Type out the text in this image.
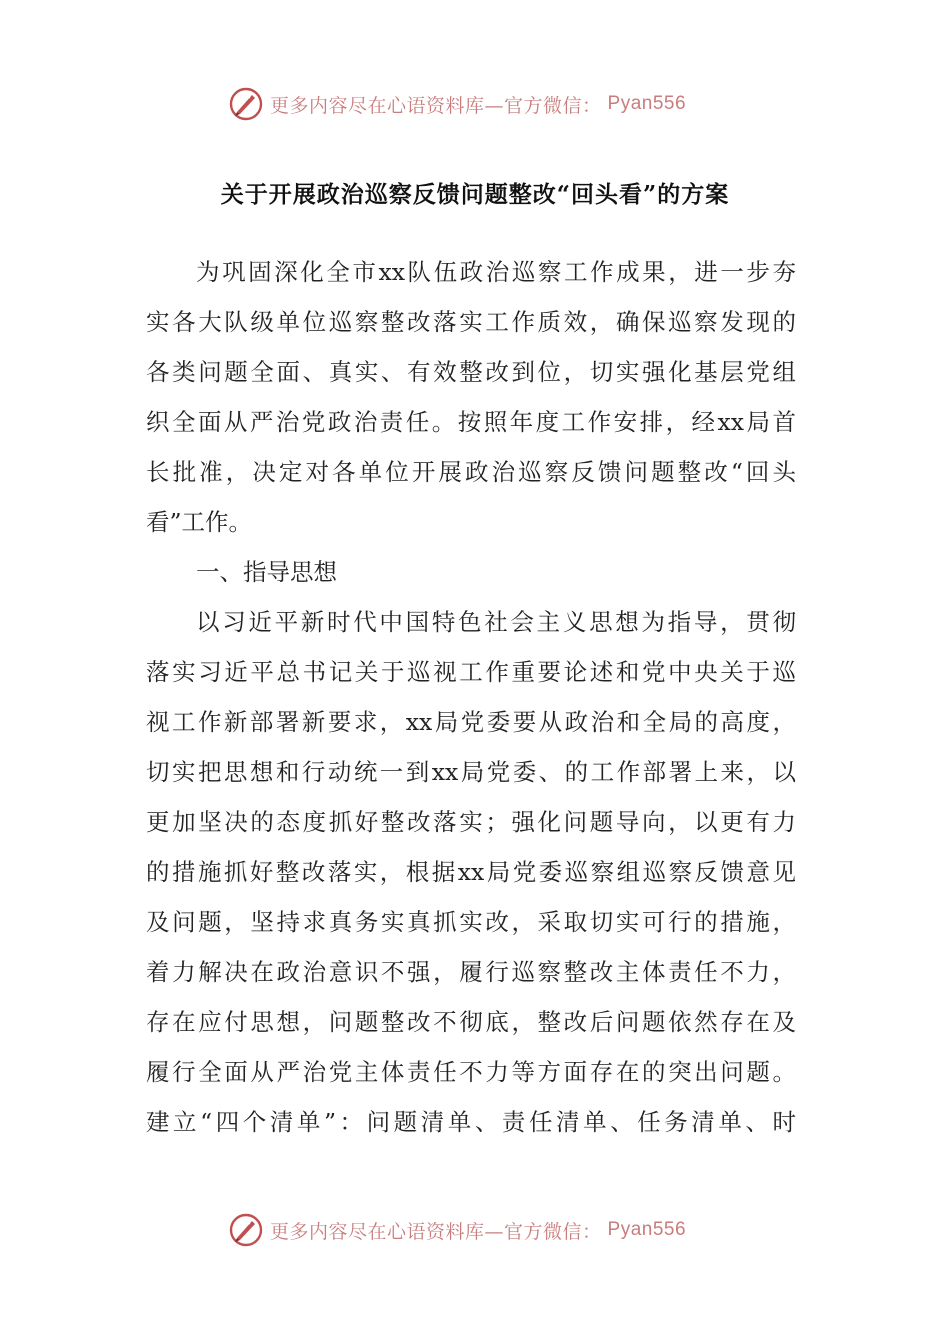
更多内容尽在心语资料库—官方微信： Pyan556
关于开展政治巡察反馈问题整改“回头看”的方案
为巩固深化全市xx队伍政治巡察工作成果，进一步夯
实各大队级单位巡察整改落实工作质效，确保巡察发现的
各类问题全面、真实、有效整改到位，切实强化基层党组
织全面从严治党政治责任。按照年度工作安排，经xx局首
长批准，决定对各单位开展政治巡察反馈问题整改“回头
看”工作。
一、指导思想
以习近平新时代中国特色社会主义思想为指导，贯彻
落实习近平总书记关于巡视工作重要论述和党中央关于巡
视工作新部署新要求，xx局党委要从政治和全局的高度，
切实把思想和行动统一到xx局党委、的工作部署上来，以
更加坚决的态度抓好整改落实；强化问题导向，以更有力
的措施抓好整改落实，根据xx局党委巡察组巡察反馈意见
及问题，坚持求真务实真抓实改，采取切实可行的措施，
着力解决在政治意识不强，履行巡察整改主体责任不力，
存在应付思想，问题整改不彻底，整改后问题依然存在及
履行全面从严治党主体责任不力等方面存在的突出问题。
建立“四个清单”：问题清单、责任清单、任务清单、时
更多内容尽在心语资料库—官方微信： Pyan556
